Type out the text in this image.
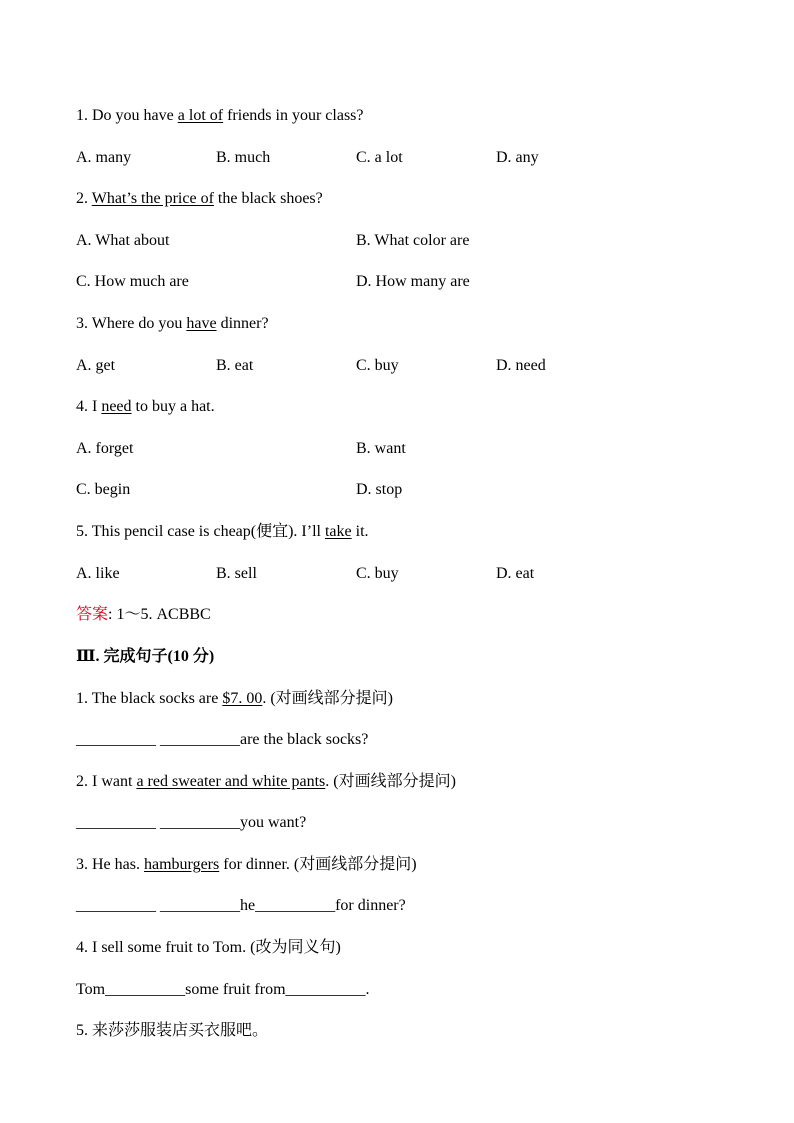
1. Do you have a lot of friends in your class?
A. many	B. much	C. a lot	D. any
2. What’s the price of the black shoes?
A. What about	B. What color are
C. How much are	D. How many are
3. Where do you have dinner?
A. get	B. eat	C. buy	D. need
4. I need to buy a hat.
A. forget	B. want
C. begin	D. stop
5. This pencil case is cheap(便宜). I’ll take it.
A. like	B. sell	C. buy	D. eat
答案: 1～5. ACBBC
Ⅲ. 完成句子(10 分)
1. The black socks are $7. 00. (对画线部分提问)
__________ __________are the black socks?
2. I want a red sweater and white pants. (对画线部分提问)
__________ __________you want?
3. He has. hamburgers for dinner. (对画线部分提问)
__________ __________he__________for dinner?
4. I sell some fruit to Tom. (改为同义句)
Tom__________some fruit from__________.
5. 来莎莎服装店买衣服吧。
